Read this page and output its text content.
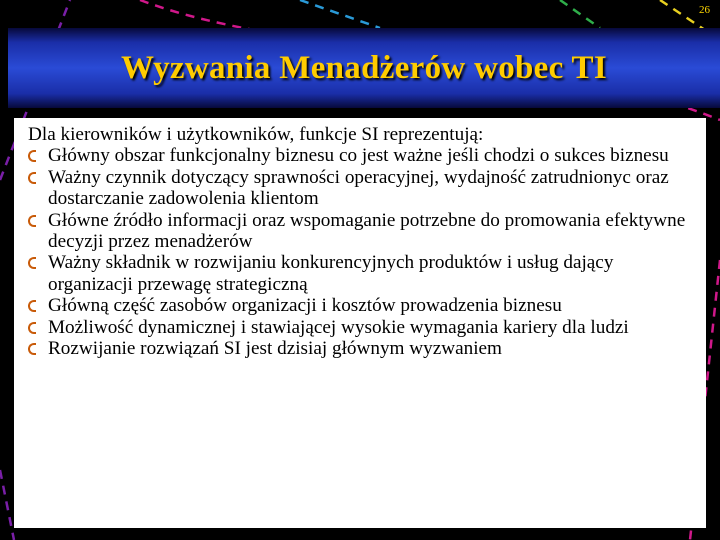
26
Wyzwania Menadżerów wobec TI

Dla kierowników i użytkowników, funkcje SI reprezentują:

Główny obszar funkcjonalny biznesu co jest ważne jeśli chodzi o sukces biznesu
Ważny czynnik dotyczący sprawności operacyjnej, wydajność zatrudnionyc oraz dostarczanie zadowolenia klientom
Główne źródło informacji oraz wspomaganie potrzebne do promowania efektywne decyzji przez menadżerów
Ważny składnik w rozwijaniu konkurencyjnych produktów i usług dający organizacji przewagę strategiczną
Główną część zasobów organizacji i kosztów prowadzenia biznesu
Możliwość dynamicznej i stawiającej wysokie wymagania kariery dla ludzi
Rozwijanie rozwiązań SI jest dzisiaj głównym wyzwaniem
